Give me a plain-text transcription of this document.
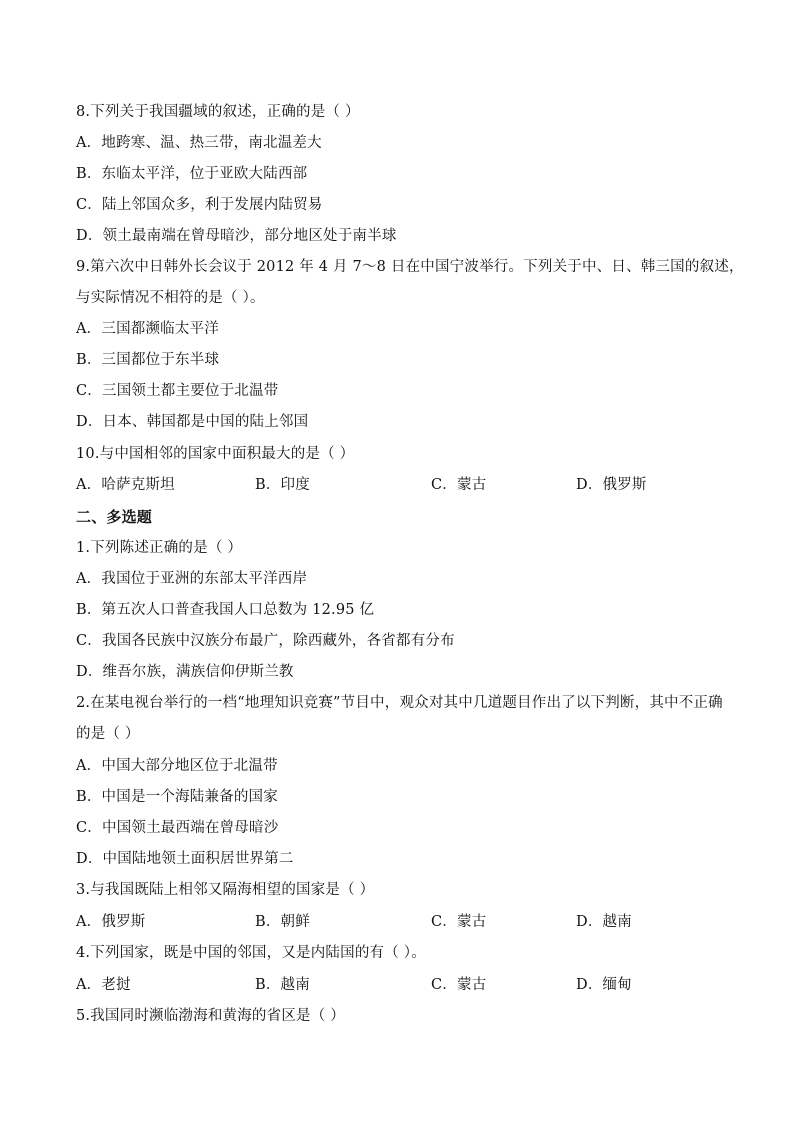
8.下列关于我国疆域的叙述，正确的是（ ）
A．地跨寒、温、热三带，南北温差大
B．东临太平洋，位于亚欧大陆西部
C．陆上邻国众多，利于发展内陆贸易
D．领土最南端在曾母暗沙，部分地区处于南半球
9.第六次中日韩外长会议于 2012 年 4 月 7～8 日在中国宁波举行。下列关于中、日、韩三国的叙述，
与实际情况不相符的是（ ）。
A．三国都濒临太平洋
B．三国都位于东半球
C．三国领土都主要位于北温带
D．日本、韩国都是中国的陆上邻国
10.与中国相邻的国家中面积最大的是（ ）
A．哈萨克斯坦	B．印度	C．蒙古	D．俄罗斯
二、多选题
1.下列陈述正确的是（ ）
A．我国位于亚洲的东部太平洋西岸
B．第五次人口普查我国人口总数为 12.95 亿
C．我国各民族中汉族分布最广，除西藏外，各省都有分布
D．维吾尔族，满族信仰伊斯兰教
2.在某电视台举行的一档“地理知识竞赛”节目中，观众对其中几道题目作出了以下判断，其中不正确
的是（ ）
A．中国大部分地区位于北温带
B．中国是一个海陆兼备的国家
C．中国领土最西端在曾母暗沙
D．中国陆地领土面积居世界第二
3.与我国既陆上相邻又隔海相望的国家是（ ）
A．俄罗斯	B．朝鲜	C．蒙古	D．越南
4.下列国家，既是中国的邻国，又是内陆国的有（ ）。
A．老挝	B．越南	C．蒙古	D．缅甸
5.我国同时濒临渤海和黄海的省区是（ ）
